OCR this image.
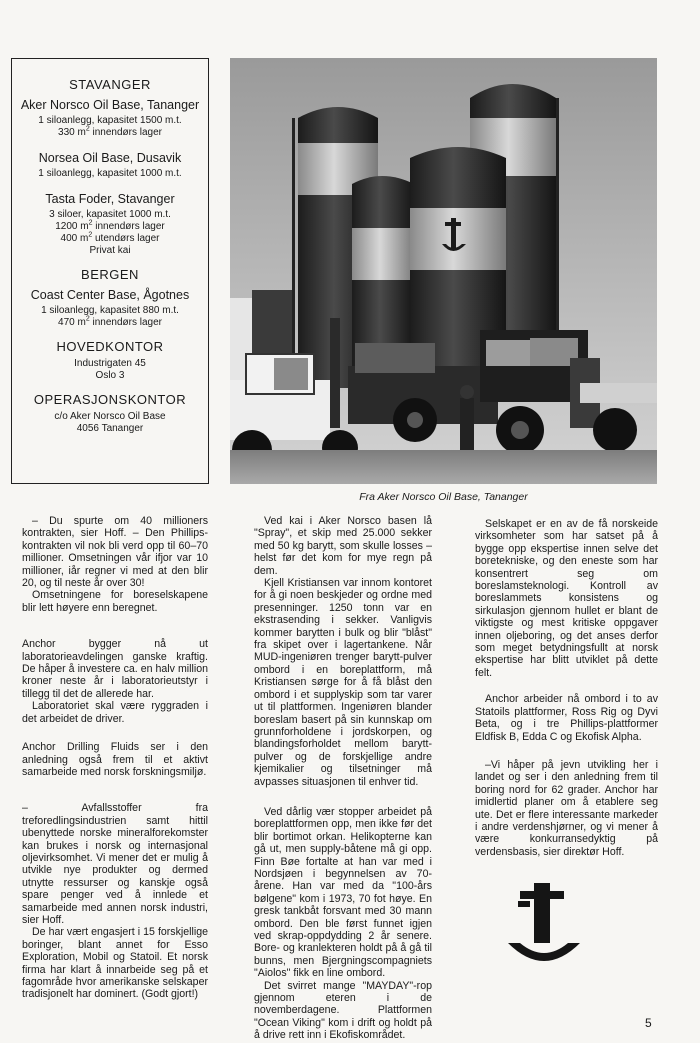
STAVANGER
Aker Norsco Oil Base, Tananger
1 siloanlegg, kapasitet 1500 m.t.
330 $m^2$ innendørs lager
Norsea Oil Base, Dusavik
1 siloanlegg, kapasitet 1000 m.t.
Tasta Foder, Stavanger
3 siloer, kapasitet 1000 m.t.
1200 $m^2$ innendørs lager
400 $m^2$ utendørs lager
Privat kai
BERGEN
Coast Center Base, Ågotnes
1 siloanlegg, kapasitet 880 m.t.
470 $m^2$ innendørs lager
HOVEDKONTOR
Industrigaten 45
Oslo 3
OPERASJONSKONTOR
c/o Aker Norsco Oil Base
4056 Tananger
Fra Aker Norsco Oil Base, Tananger

– Du spurte om 40 millioners kontrakten, sier Hoff. – Den Phillips-kontrakten vil nok bli verd opp til 60–70 millioner. Omsetningen vår ifjor var 10 millioner, iår regner vi med at den blir 20, og til neste år over 30!

Omsetningene for boreselskapene blir lett høyere enn beregnet.

Anchor bygger nå ut laboratorieavdelingen ganske kraftig. De håper å investere ca. en halv million kroner neste år i laboratorieutstyr i tillegg til det de allerede har.

Laboratoriet skal være ryggraden i det arbeidet de driver.

Anchor Drilling Fluids ser i den anledning også frem til et aktivt samarbeide med norsk forskningsmiljø.

– Avfallsstoffer fra treforedlingsindustrien samt hittil ubenyttede norske mineralforekomster kan brukes i norsk og internasjonal oljevirksomhet. Vi mener det er mulig å utvikle nye produkter og dermed utnytte ressurser og kanskje også spare penger ved å innlede et samarbeide med annen norsk industri, sier Hoff.

De har vært engasjert i 15 forskjellige boringer, blant annet for Esso Exploration, Mobil og Statoil. Et norsk firma har klart å innarbeide seg på et fagområde hvor amerikanske selskaper tradisjonelt har dominert. (Godt gjort!)

Ved kai i Aker Norsco basen lå "Spray", et skip med 25.000 sekker med 50 kg barytt, som skulle losses – helst før det kom for mye regn på dem.

Kjell Kristiansen var innom kontoret for å gi noen beskjeder og ordne med presenninger. 1250 tonn var en ekstrasending i sekker. Vanligvis kommer barytten i bulk og blir "blåst" fra skipet over i lagertankene. Når MUD-ingeniøren trenger barytt-pulver ombord i en boreplattform, må Kristiansen sørge for å få blåst den ombord i et supplyskip som tar varer ut til plattformen. Ingeniøren blander boreslam basert på sin kunnskap om grunnforholdene i jordskorpen, og blandingsforholdet mellom barytt-pulver og de forskjellige andre kjemikalier og tilsetninger må avpasses situasjonen til enhver tid.

Ved dårlig vær stopper arbeidet på boreplattformen opp, men ikke før det blir bortimot orkan. Helikopterne kan gå ut, men supply-båtene må gi opp. Finn Bøe fortalte at han var med i Nordsjøen i begynnelsen av 70-årene. Han var med da "100-års bølgene" kom i 1973, 70 fot høye. En gresk tankbåt forsvant med 30 mann ombord. Den ble først funnet igjen ved skrap-oppdydding 2 år senere. Bore- og kranlekteren holdt på å gå til bunns, men Bjergningscompagniets "Aiolos" fikk en line ombord.

Det svirret mange "MAYDAY"-rop gjennom eteren i de novemberdagene. Plattformen "Ocean Viking" kom i drift og holdt på å drive rett inn i Ekofiskområdet.

Selskapet er en av de få norskeide virksomheter som har satset på å bygge opp ekspertise innen selve det boretekniske, og den eneste som har konsentrert seg om boreslamsteknologi. Kontroll av boreslammets konsistens og sirkulasjon gjennom hullet er blant de viktigste og mest kritiske oppgaver innen oljeboring, og det anses derfor som meget betydningsfullt at norsk ekspertise har blitt utviklet på dette felt.

Anchor arbeider nå ombord i to av Statoils plattformer, Ross Rig og Dyvi Beta, og i tre Phillips-plattformer Eldfisk B, Edda C og Ekofisk Alpha.

–Vi håper på jevn utvikling her i landet og ser i den anledning frem til boring nord for 62 grader. Anchor har imidlertid planer om å etablere seg ute. Det er flere interessante markeder i andre verdenshjørner, og vi mener å være konkurransedyktig på verdensbasis, sier direktør Hoff.

5
